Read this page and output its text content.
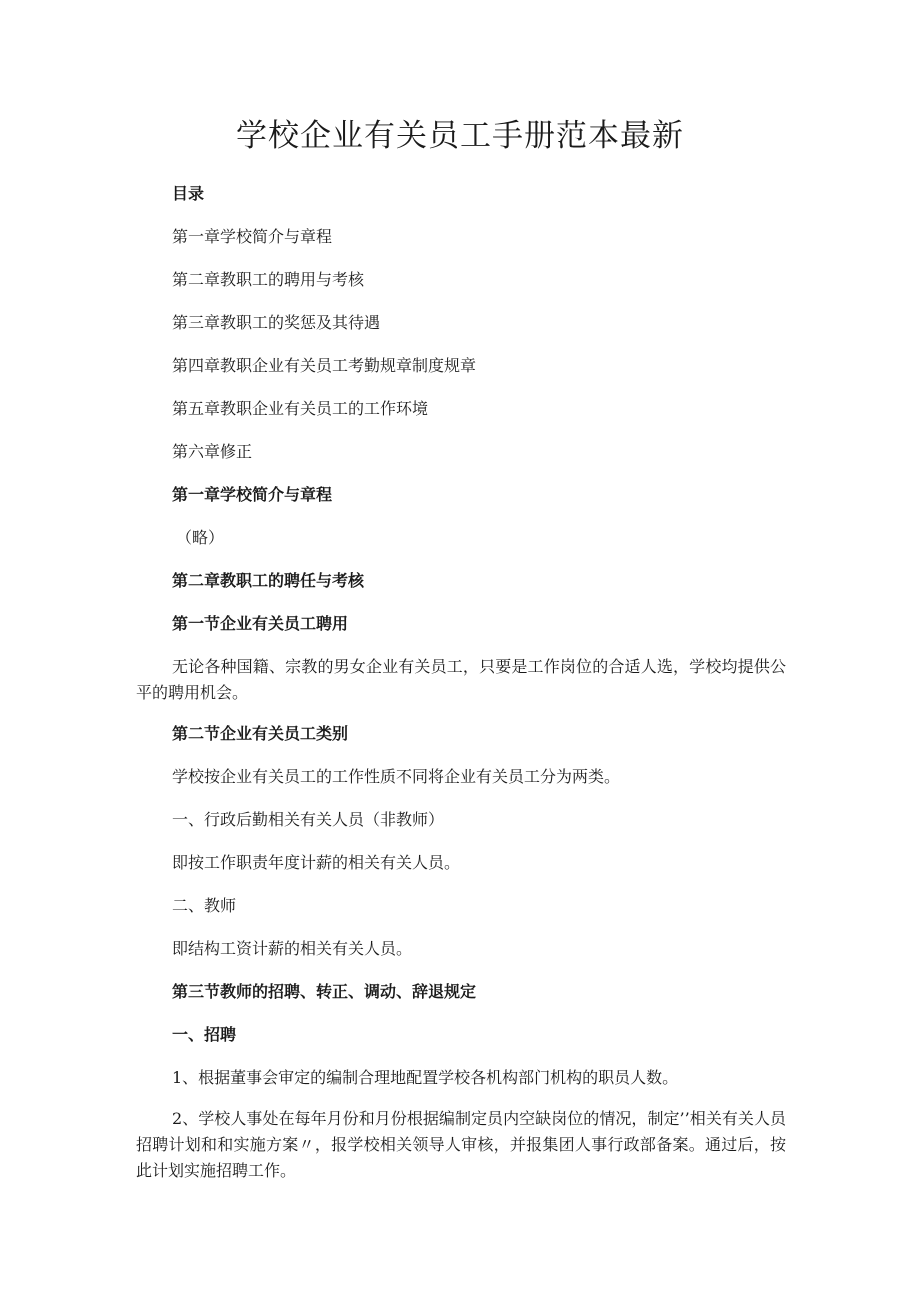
学校企业有关员工手册范本最新

目录

第一章学校简介与章程

第二章教职工的聘用与考核

第三章教职工的奖惩及其待遇

第四章教职企业有关员工考勤规章制度规章

第五章教职企业有关员工的工作环境

第六章修正

第一章学校简介与章程

（略）

第二章教职工的聘任与考核

第一节企业有关员工聘用

无论各种国籍、宗教的男女企业有关员工，只要是工作岗位的合适人选，学校均提供公平的聘用机会。

第二节企业有关员工类别

学校按企业有关员工的工作性质不同将企业有关员工分为两类。

一、行政后勤相关有关人员（非教师）

即按工作职责年度计薪的相关有关人员。

二、教师

即结构工资计薪的相关有关人员。

第三节教师的招聘、转正、调动、辞退规定

一、招聘

1、根据董事会审定的编制合理地配置学校各机构部门机构的职员人数。

2、学校人事处在每年月份和月份根据编制定员内空缺岗位的情况，制定’’相关有关人员招聘计划和和实施方案〃，报学校相关领导人审核，并报集团人事行政部备案。通过后，按此计划实施招聘工作。
